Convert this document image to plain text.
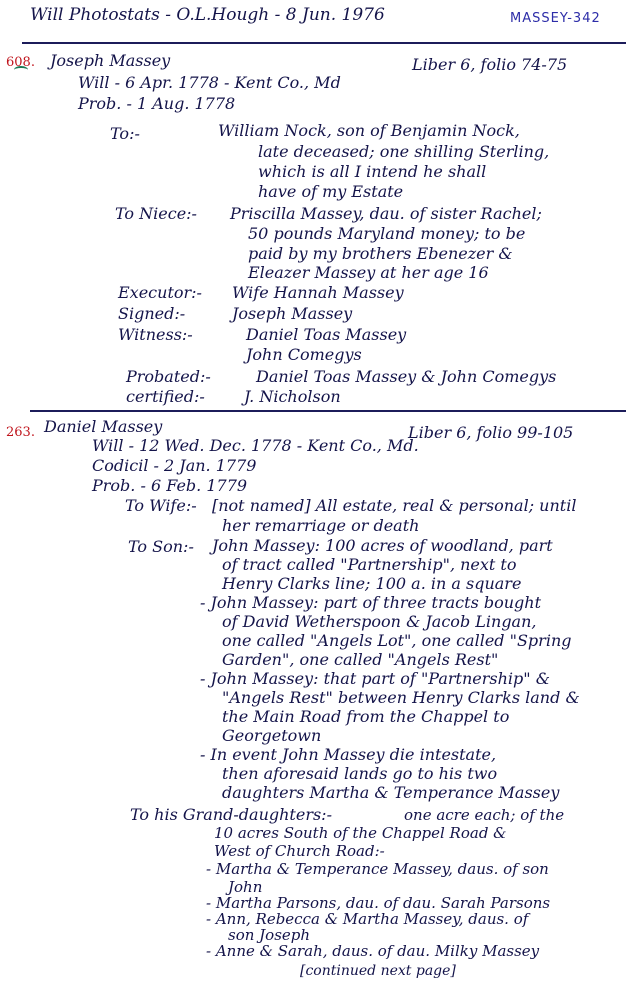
Will Photostats - O.L.Hough - 8 Jun. 1976	MASSEY-342
608. Joseph Massey	Liber 6, folio 74-75
Will - 6 Apr. 1778 - Kent Co., Md
Prob. - 1 Aug. 1778
To:-	William Nock, son of Benjamin Nock,
late deceased; one shilling Sterling,
which is all I intend he shall
have of my Estate
To Niece:- Priscilla Massey, dau. of sister Rachel;
50 pounds Maryland money; to be
paid by my brothers Ebenezer &
Eleazer Massey at her age 16
Executor:- Wife Hannah Massey
Signed:-	Joseph Massey
Witness:-	Daniel Toas Massey
John Comegys
Probated:-	Daniel Toas Massey & John Comegys
certified:- J. Nicholson
263. Daniel Massey	Liber 6, folio 99-105
Will - 12 Wed. Dec. 1778 - Kent Co., Md.
Codicil - 2 Jan. 1779
Prob. - 6 Feb. 1779
To Wife:- [not named] All estate, real & personal; until
her remarriage or death
To Son:- John Massey: 100 acres of woodland, part
of tract called "Partnership", next to
Henry Clarks line; 100 a. in a square
- John Massey: part of three tracts bought
of David Wetherspoon & Jacob Lingan,
one called "Angels Lot", one called "Spring
Garden", one called "Angels Rest"
- John Massey: that part of "Partnership" &
"Angels Rest" between Henry Clarks land &
the Main Road from the Chappel to
Georgetown
- In event John Massey die intestate,
then aforesaid lands go to his two
daughters Martha & Temperance Massey
To his Grand-daughters:-	one acre each; of the
10 acres South of the Chappel Road &
West of Church Road:-
- Martha & Temperance Massey, daus. of son
John
- Martha Parsons, dau. of dau. Sarah Parsons
- Ann, Rebecca & Martha Massey, daus. of
son Joseph
- Anne & Sarah, daus. of dau. Milky Massey
[continued next page]
